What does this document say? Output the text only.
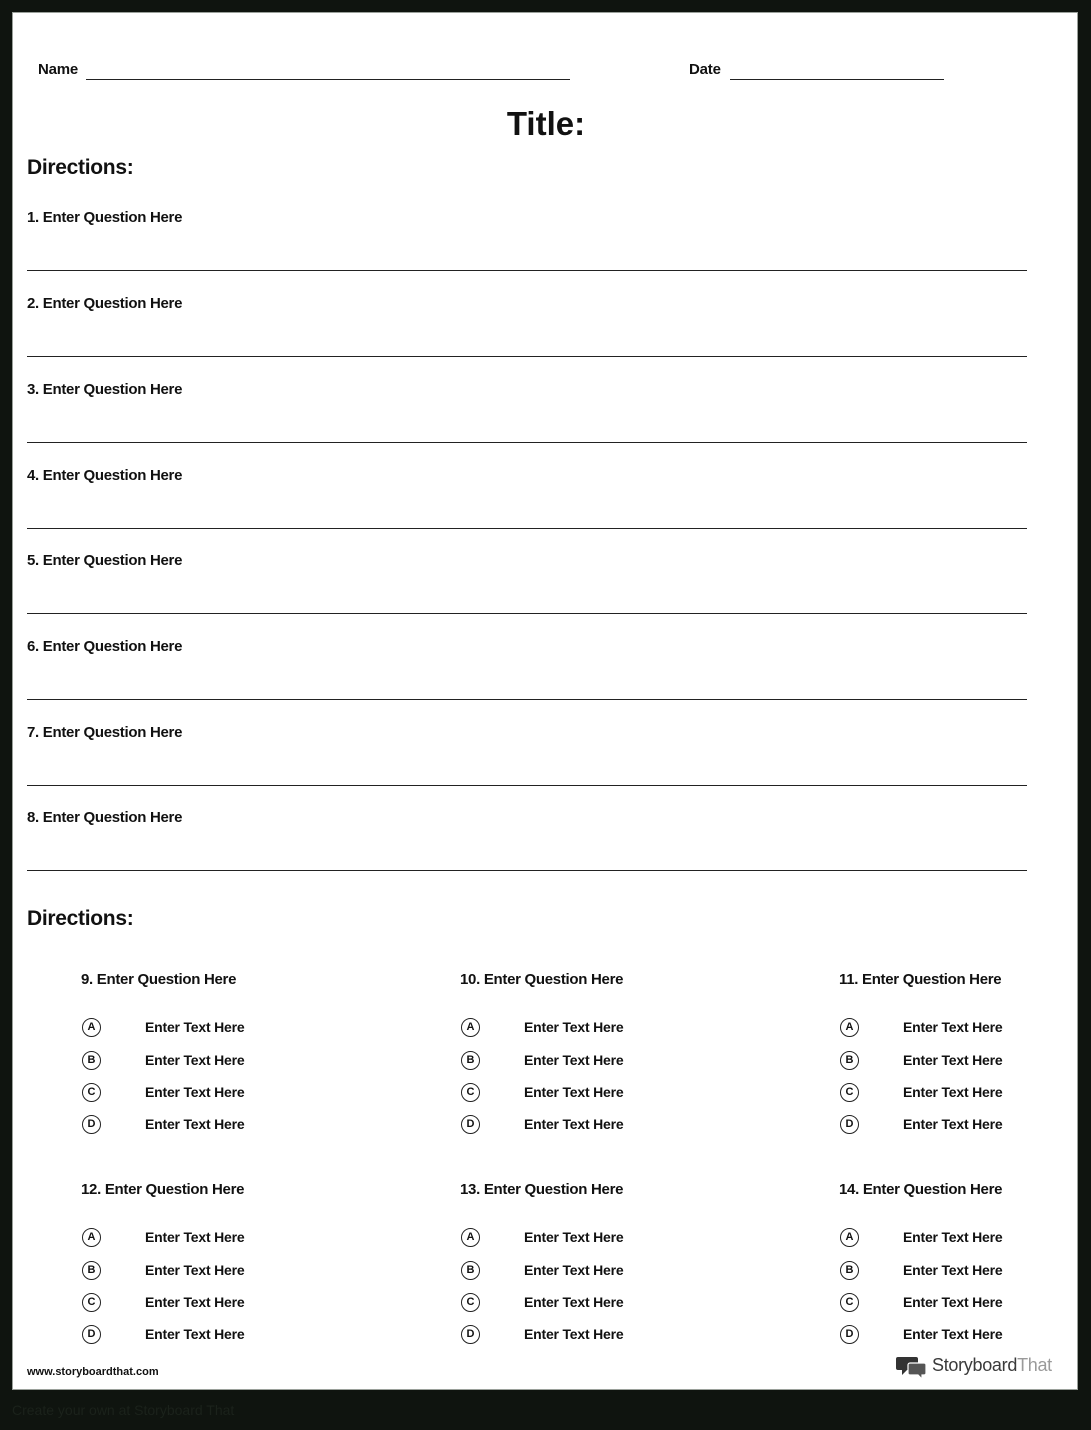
Name	Date
Title:
Directions:
1. Enter Question Here
2. Enter Question Here
3. Enter Question Here
4. Enter Question Here
5. Enter Question Here
6. Enter Question Here
7. Enter Question Here
8. Enter Question Here
Directions:
9. Enter Question Here
A	Enter Text Here
B	Enter Text Here
C	Enter Text Here
D	Enter Text Here
10. Enter Question Here
A	Enter Text Here
B	Enter Text Here
C	Enter Text Here
D	Enter Text Here
11. Enter Question Here
A	Enter Text Here
B	Enter Text Here
C	Enter Text Here
D	Enter Text Here
12. Enter Question Here
A	Enter Text Here
B	Enter Text Here
C	Enter Text Here
D	Enter Text Here
13. Enter Question Here
A	Enter Text Here
B	Enter Text Here
C	Enter Text Here
D	Enter Text Here
14. Enter Question Here
A	Enter Text Here
B	Enter Text Here
C	Enter Text Here
D	Enter Text Here
www.storyboardthat.com	StoryboardThat
Create your own at Storyboard That
